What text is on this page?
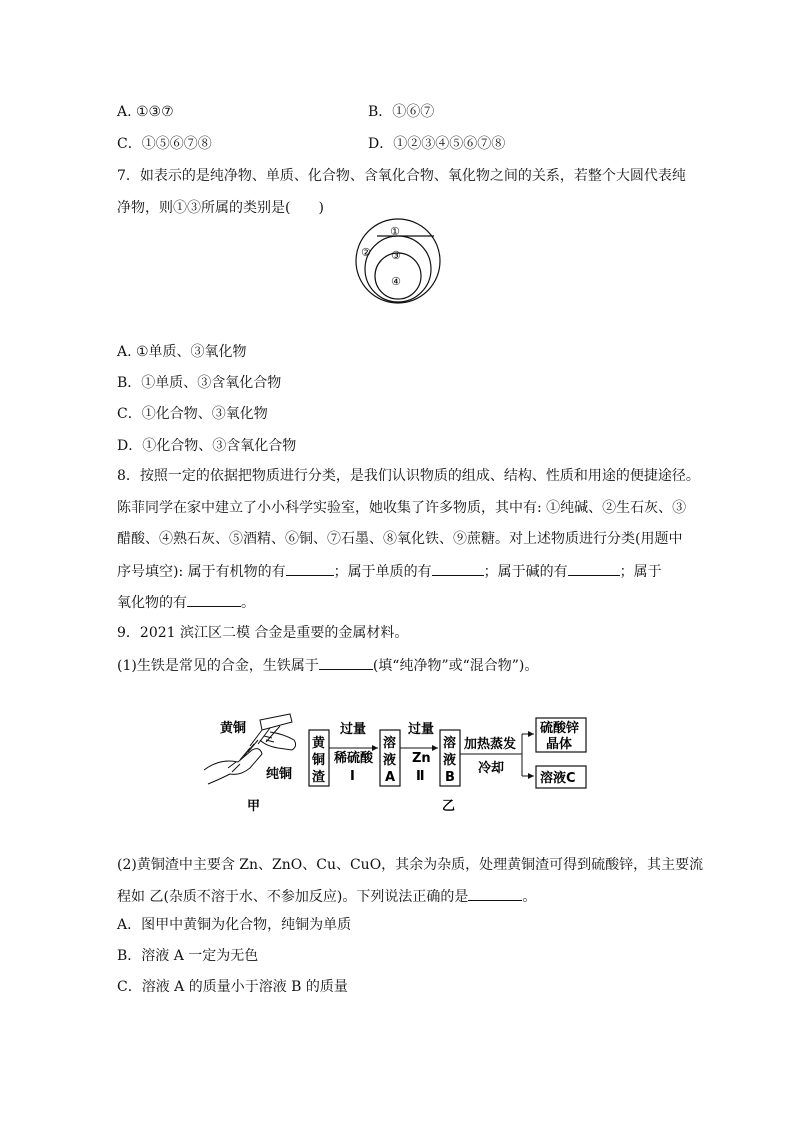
A. ①③⑦	B．①⑥⑦
C．①⑤⑥⑦⑧	D．①②③④⑤⑥⑦⑧
7．如表示的是纯净物、单质、化合物、含氧化合物、氧化物之间的关系，若整个大圆代表纯
净物，则①③所属的类别是(　　)
①
② ③
④
A. ①单质、③氧化物
B．①单质、③含氧化合物
C．①化合物、③氧化物
D．①化合物、③含氧化合物
8．按照一定的依据把物质进行分类，是我们认识物质的组成、结构、性质和用途的便捷途径。
陈菲同学在家中建立了小小科学实验室，她收集了许多物质，其中有: ①纯碱、②生石灰、③
醋酸、④熟石灰、⑤酒精、⑥铜、⑦石墨、⑧氧化铁、⑨蔗糖。对上述物质进行分类(用题中
序号填空): 属于有机物的有	；属于单质的有	；属于碱的有	；属于
氧化物的有	。
9．2021 滨江区二模 合金是重要的金属材料。
(1)生铁是常见的合金，生铁属于	(填“纯净物”或“混合物”)。
黄铜
纯铜
甲
黄
铜
渣
过量
稀硫酸
Ⅰ
溶
液
A
过量
Zn
Ⅱ
溶
液
B
加热蒸发
冷却
硫酸锌
晶体
溶液C
乙
(2)黄铜渣中主要含 Zn、ZnO、Cu、CuO，其余为杂质，处理黄铜渣可得到硫酸锌，其主要流
程如 乙(杂质不溶于水、不参加反应)。下列说法正确的是	。
A．图甲中黄铜为化合物，纯铜为单质
B．溶液 A 一定为无色
C．溶液 A 的质量小于溶液 B 的质量
